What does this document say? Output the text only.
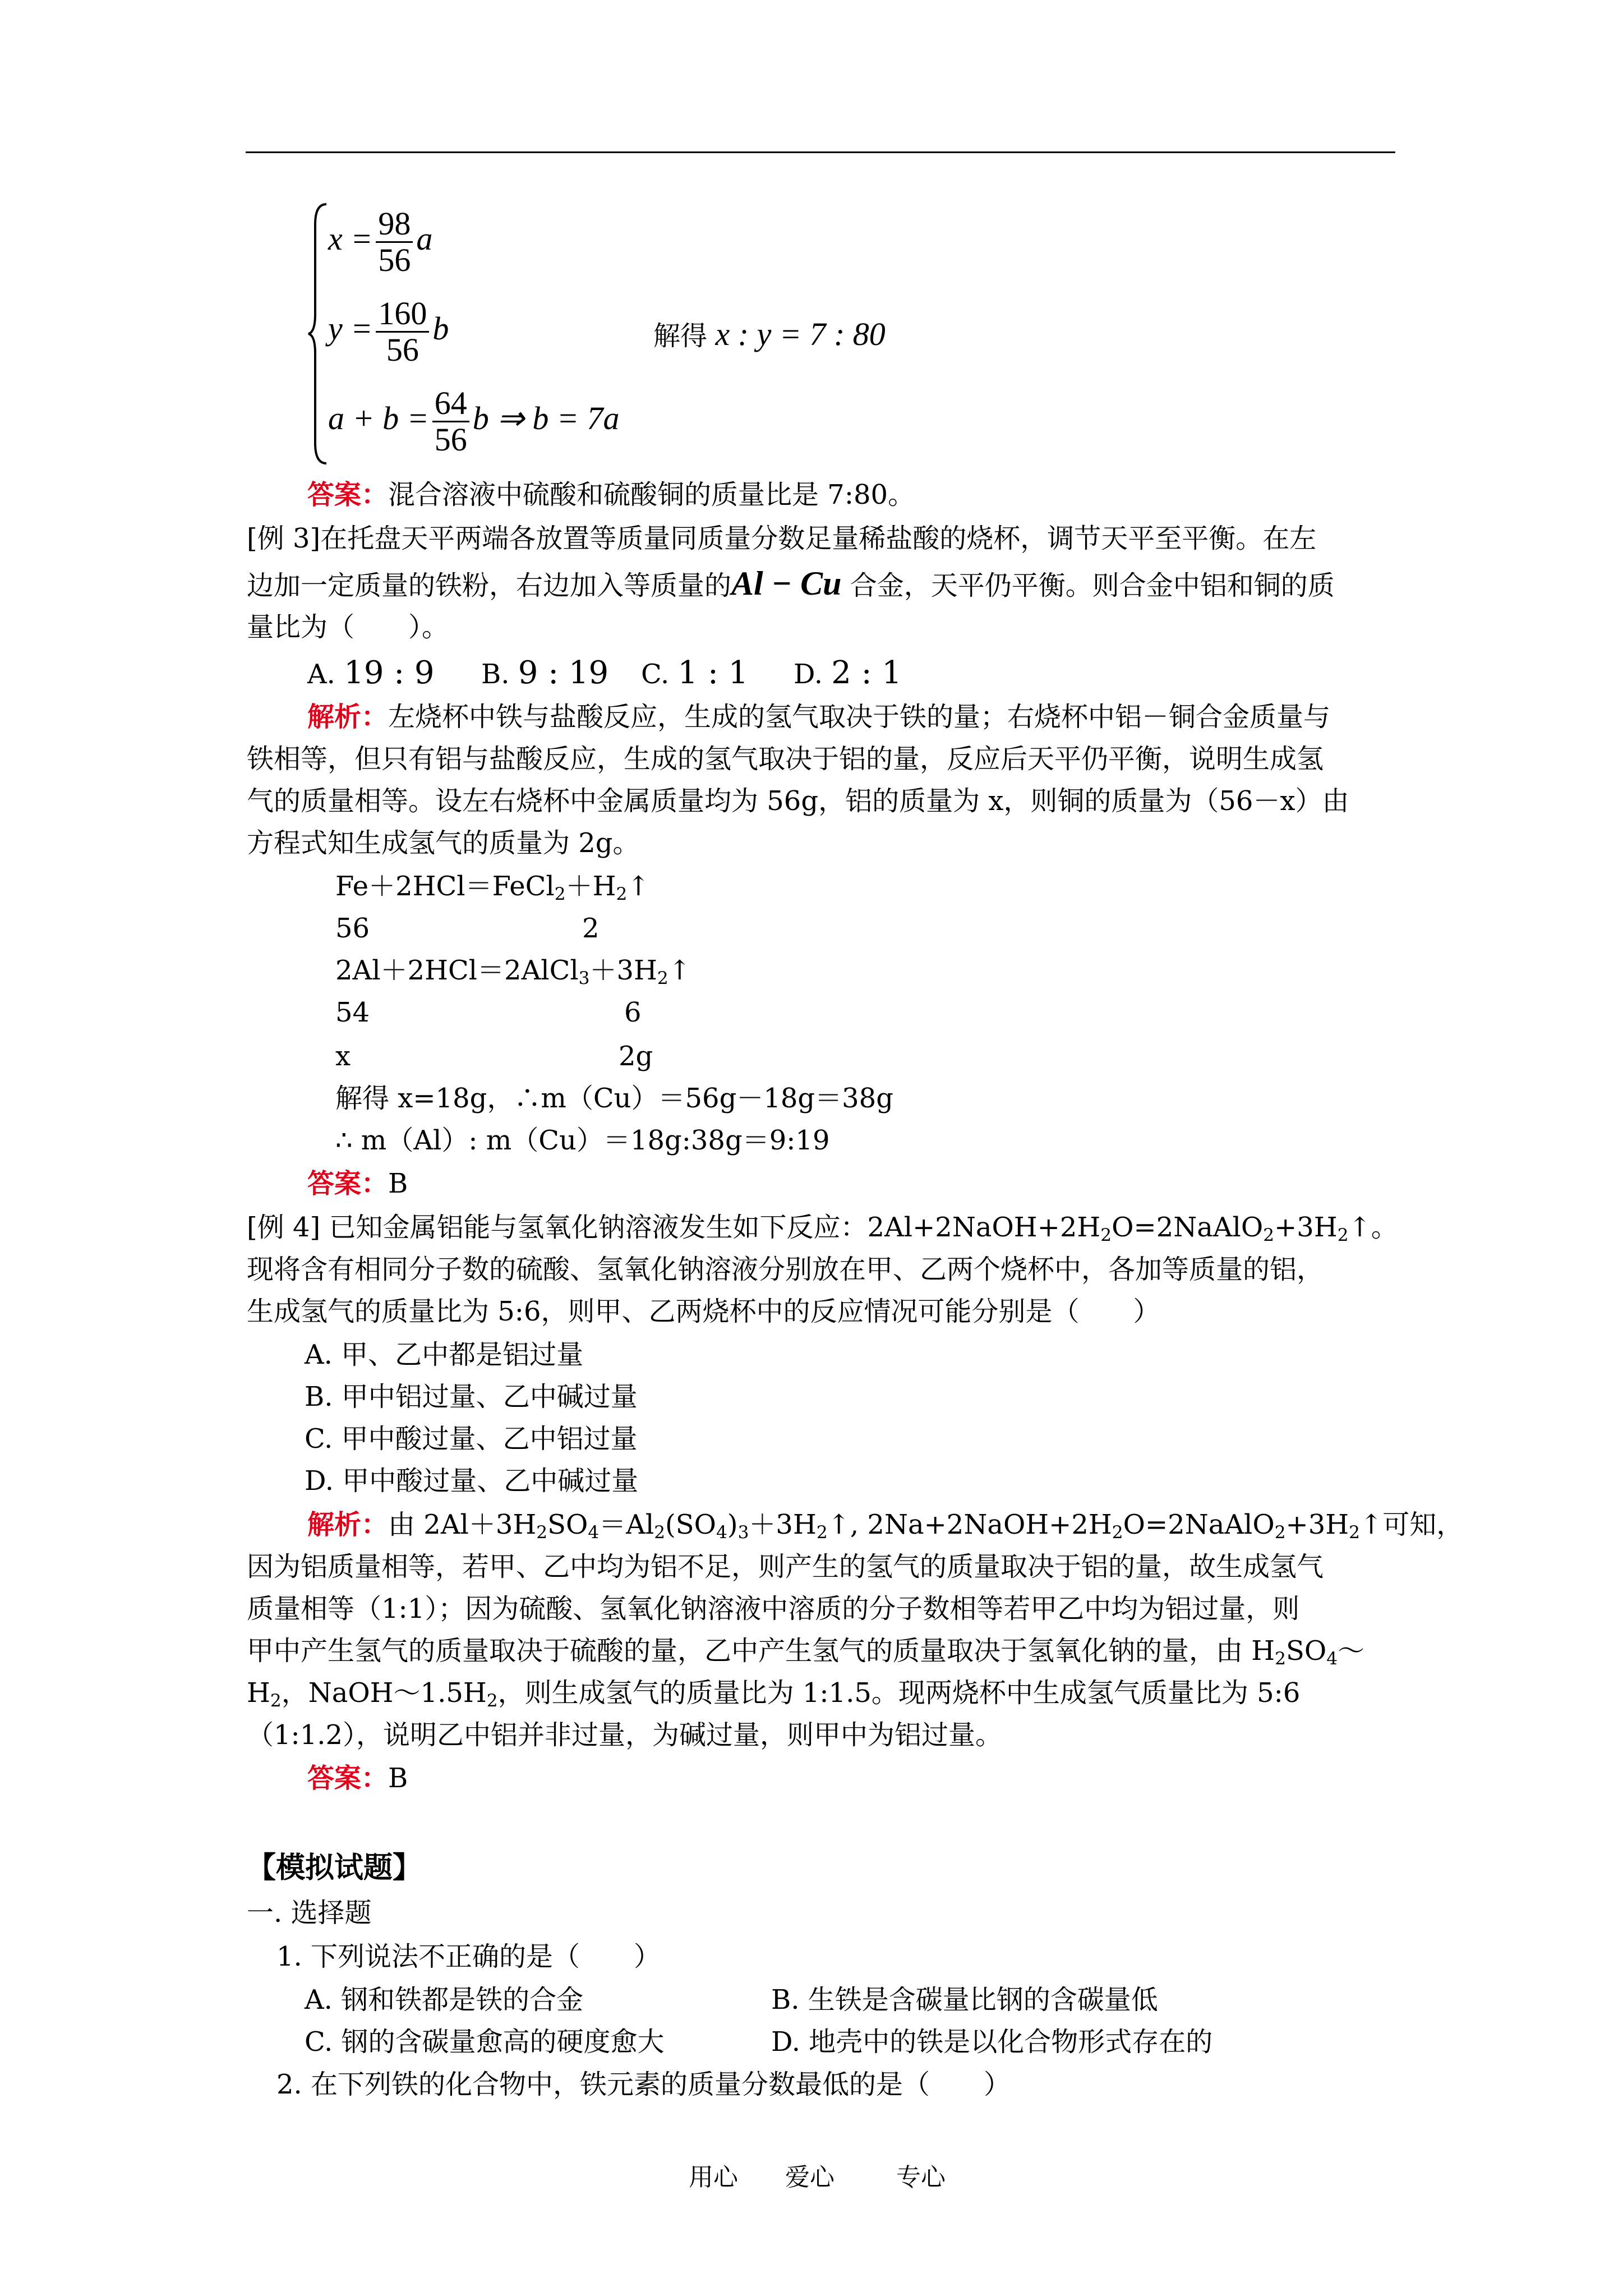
$x = \frac{98}{56}$ a
$y = \frac{160}{56}$ b	解得 x : y = 7 : 80
$a + b = \frac{64}{56}$ b ⇒ b = 7a
答案：混合溶液中硫酸和硫酸铜的质量比是 7:80。
[例 3]在托盘天平两端各放置等质量同质量分数足量稀盐酸的烧杯，调节天平至平衡。在左
边加一定质量的铁粉，右边加入等质量的Al − Cu 合金，天平仍平衡。则合金中铝和铜的质
量比为（　　）。
A. 19 : 9 B. 9 : 19 C. 1 : 1 D. 2 : 1
解析：左烧杯中铁与盐酸反应，生成的氢气取决于铁的量；右烧杯中铝－铜合金质量与
铁相等，但只有铝与盐酸反应，生成的氢气取决于铝的量，反应后天平仍平衡，说明生成氢
气的质量相等。设左右烧杯中金属质量均为 56g，铝的质量为 x，则铜的质量为（56－x）由
方程式知生成氢气的质量为 2g。
$Fe+2HCl=FeCl_2+H_2↑$
56	2
$2Al+2HCl=2AlCl_3+3H_2↑$
54	6
x	2g
解得 x=18g，∴m（Cu）＝56g－18g＝38g
∴ m（Al）: m（Cu）＝18g:38g＝9:19
答案：B
[例 4] 已知金属铝能与氢氧化钠溶液发生如下反应：$2Al+2NaOH+2H_2O=2NaAlO_2+3H_2↑$。
现将含有相同分子数的硫酸、氢氧化钠溶液分别放在甲、乙两个烧杯中，各加等质量的铝，
生成氢气的质量比为 5:6，则甲、乙两烧杯中的反应情况可能分别是（　　）
A. 甲、乙中都是铝过量
B. 甲中铝过量、乙中碱过量
C. 甲中酸过量、乙中铝过量
D. 甲中酸过量、乙中碱过量
解析：由 $2Al+3H_2SO_4=Al_2(SO_4)_3+3H_2↑$, $2Na+2NaOH+2H_2O=2NaAlO_2+3H_2↑$可知，
因为铝质量相等，若甲、乙中均为铝不足，则产生的氢气的质量取决于铝的量，故生成氢气
质量相等（1:1）；因为硫酸、氢氧化钠溶液中溶质的分子数相等若甲乙中均为铝过量，则
甲中产生氢气的质量取决于硫酸的量，乙中产生氢气的质量取决于氢氧化钠的量，由 $H_2SO_4\sim$
$H_2$，$NaOH\sim 1.5H_2$，则生成氢气的质量比为 1:1.5。现两烧杯中生成氢气质量比为 5:6
（1:1.2），说明乙中铝并非过量，为碱过量，则甲中为铝过量。
答案：B
【模拟试题】
一. 选择题
1. 下列说法不正确的是（　　）
A. 钢和铁都是铁的合金	B. 生铁是含碳量比钢的含碳量低
C. 钢的含碳量愈高的硬度愈大	D. 地壳中的铁是以化合物形式存在的
2. 在下列铁的化合物中，铁元素的质量分数最低的是（　　）
用心 爱心	专心
